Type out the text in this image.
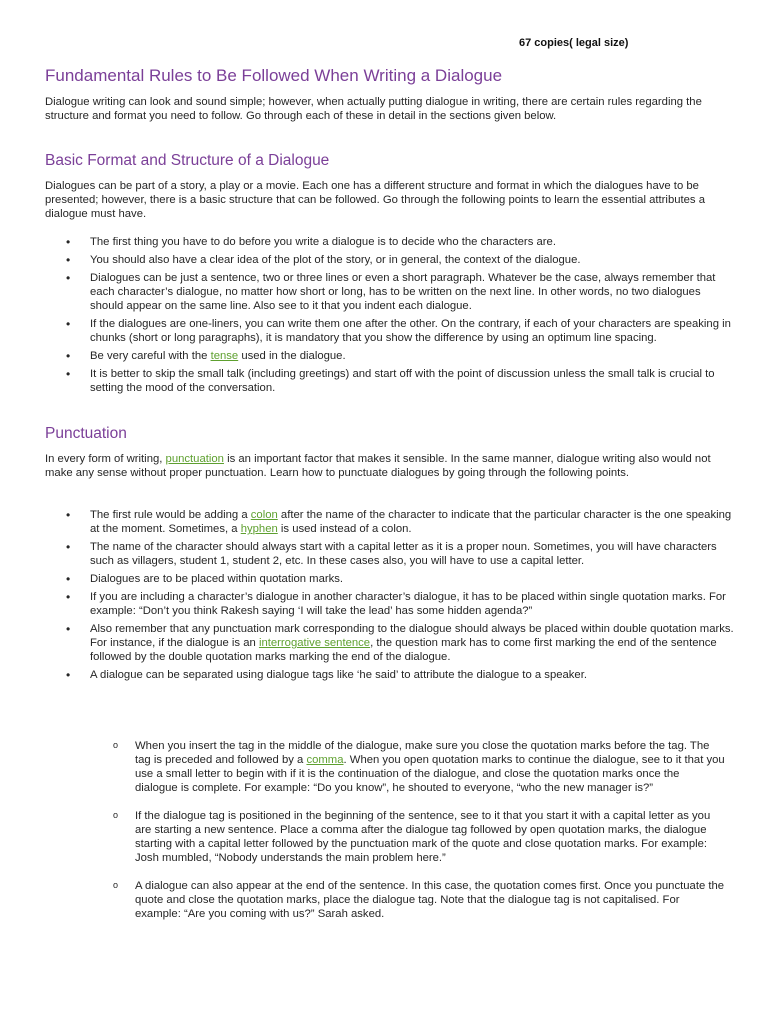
67 copies( legal size)
Fundamental Rules to Be Followed When Writing a Dialogue

Dialogue writing can look and sound simple; however, when actually putting dialogue in writing, there are certain rules regarding the structure and format you need to follow. Go through each of these in detail in the sections given below.

Basic Format and Structure of a Dialogue

Dialogues can be part of a story, a play or a movie. Each one has a different structure and format in which the dialogues have to be presented; however, there is a basic structure that can be followed. Go through the following points to learn the essential attributes a dialogue must have.

• The first thing you have to do before you write a dialogue is to decide who the characters are.
• You should also have a clear idea of the plot of the story, or in general, the context of the dialogue.
• Dialogues can be just a sentence, two or three lines or even a short paragraph. Whatever be the case, always remember that each character’s dialogue, no matter how short or long, has to be written on the next line. In other words, no two dialogues should appear on the same line. Also see to it that you indent each dialogue.
• If the dialogues are one-liners, you can write them one after the other. On the contrary, if each of your characters are speaking in chunks (short or long paragraphs), it is mandatory that you show the difference by using an optimum line spacing.
• Be very careful with the tense used in the dialogue.
• It is better to skip the small talk (including greetings) and start off with the point of discussion unless the small talk is crucial to setting the mood of the conversation.
Punctuation

In every form of writing, punctuation is an important factor that makes it sensible. In the same manner, dialogue writing also would not make any sense without proper punctuation. Learn how to punctuate dialogues by going through the following points.

• The first rule would be adding a colon after the name of the character to indicate that the particular character is the one speaking at the moment. Sometimes, a hyphen is used instead of a colon.
• The name of the character should always start with a capital letter as it is a proper noun. Sometimes, you will have characters such as villagers, student 1, student 2, etc. In these cases also, you will have to use a capital letter.
• Dialogues are to be placed within quotation marks.
• If you are including a character’s dialogue in another character’s dialogue, it has to be placed within single quotation marks. For example: “Don’t you think Rakesh saying ‘I will take the lead’ has some hidden agenda?”
• Also remember that any punctuation mark corresponding to the dialogue should always be placed within double quotation marks. For instance, if the dialogue is an interrogative sentence, the question mark has to come first marking the end of the sentence followed by the double quotation marks marking the end of the dialogue.
• A dialogue can be separated using dialogue tags like ‘he said’ to attribute the dialogue to a speaker.
o When you insert the tag in the middle of the dialogue, make sure you close the quotation marks before the tag. The tag is preceded and followed by a comma. When you open quotation marks to continue the dialogue, see to it that you use a small letter to begin with if it is the continuation of the dialogue, and close the quotation marks once the dialogue is complete. For example: “Do you know”, he shouted to everyone, “who the new manager is?”
o If the dialogue tag is positioned in the beginning of the sentence, see to it that you start it with a capital letter as you are starting a new sentence. Place a comma after the dialogue tag followed by open quotation marks, the dialogue starting with a capital letter followed by the punctuation mark of the quote and close quotation marks. For example: Josh mumbled, “Nobody understands the main problem here.”
o A dialogue can also appear at the end of the sentence. In this case, the quotation comes first. Once you punctuate the quote and close the quotation marks, place the dialogue tag. Note that the dialogue tag is not capitalised. For example: “Are you coming with us?” Sarah asked.
